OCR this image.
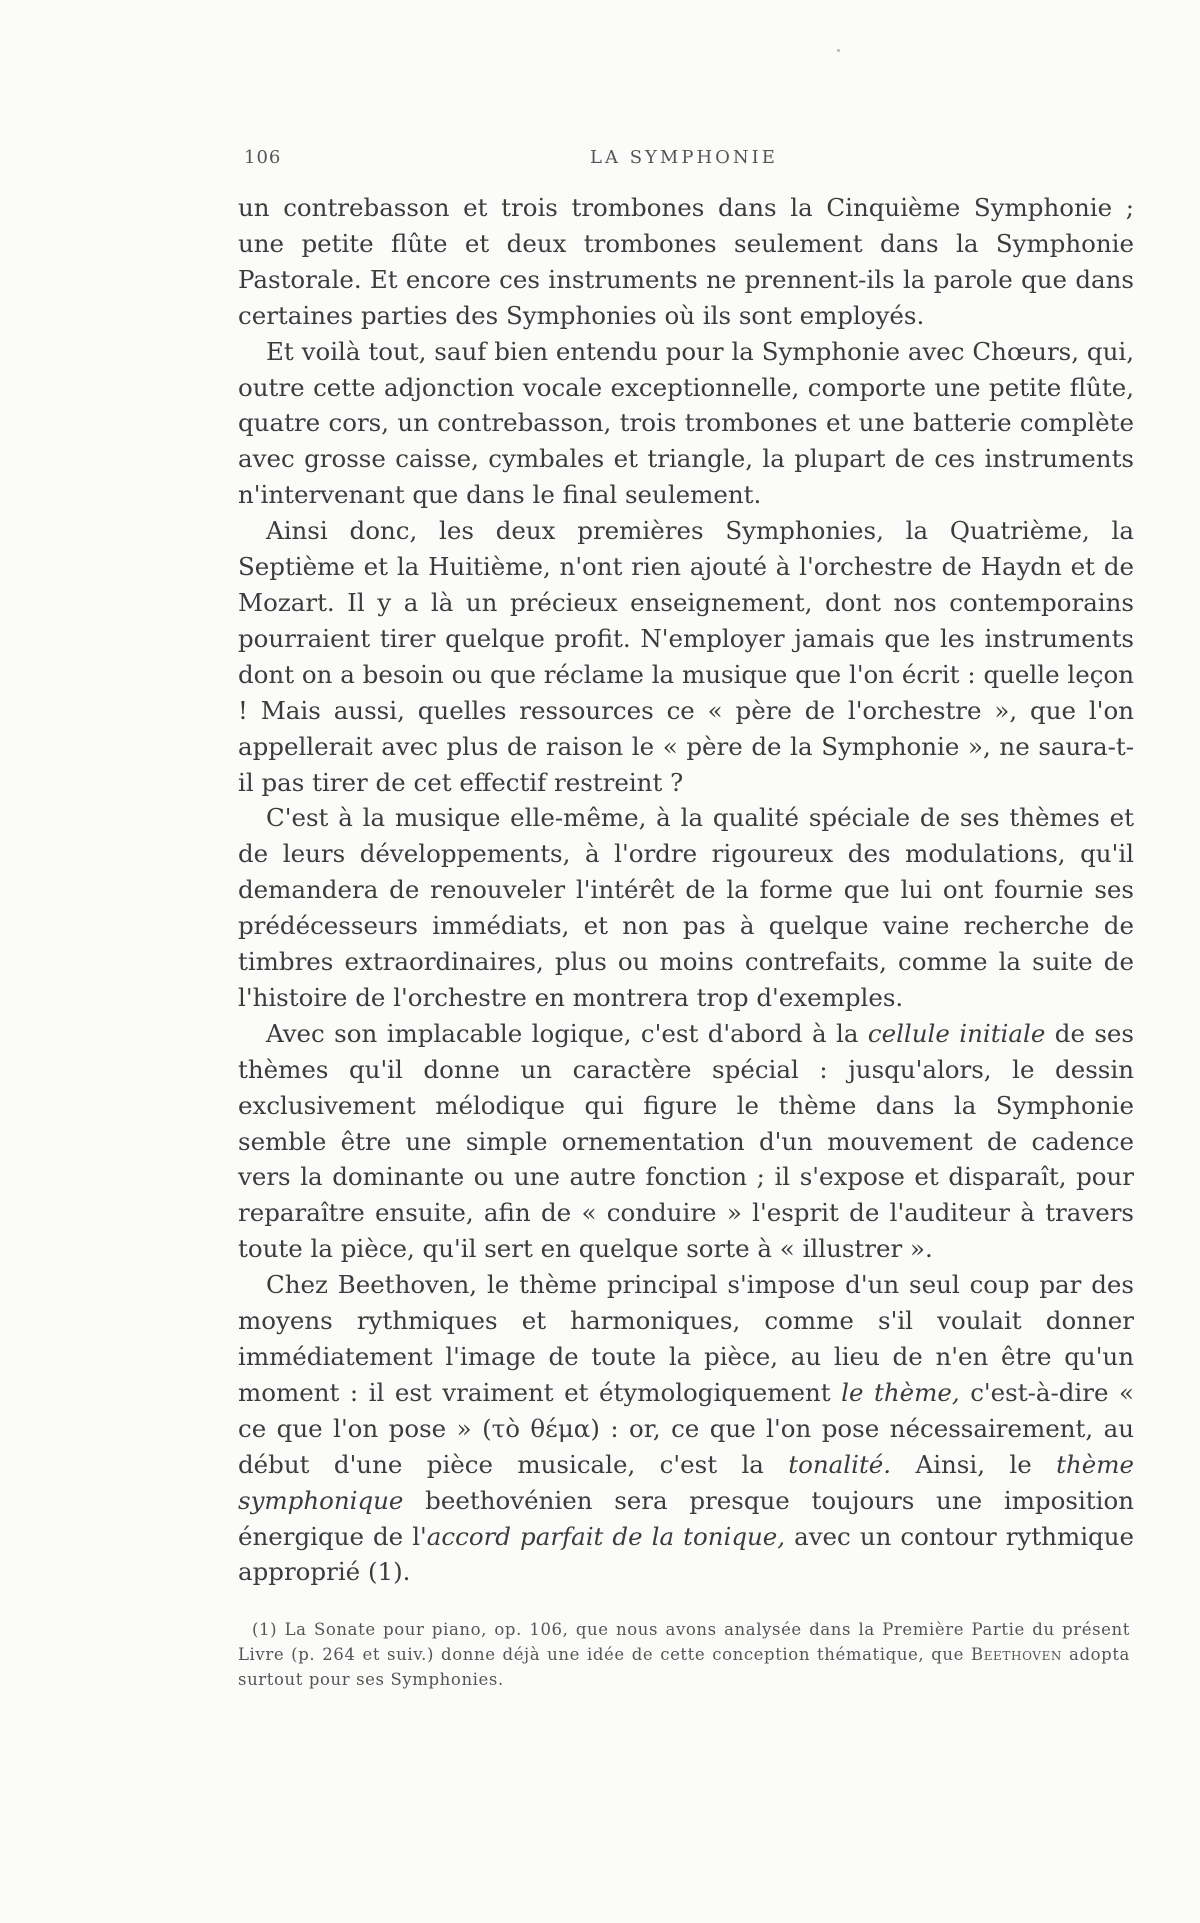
106	LA SYMPHONIE

un contrebasson et trois trombones dans la Cinquième Symphonie ; une petite flûte et deux trombones seulement dans la Symphonie Pastorale. Et encore ces instruments ne prennent-ils la parole que dans certaines parties des Symphonies où ils sont employés.

Et voilà tout, sauf bien entendu pour la Symphonie avec Chœurs, qui, outre cette adjonction vocale exceptionnelle, comporte une petite flûte, quatre cors, un contrebasson, trois trombones et une batterie complète avec grosse caisse, cymbales et triangle, la plupart de ces instruments n'intervenant que dans le final seulement.

Ainsi donc, les deux premières Symphonies, la Quatrième, la Septième et la Huitième, n'ont rien ajouté à l'orchestre de Haydn et de Mozart. Il y a là un précieux enseignement, dont nos contemporains pourraient tirer quelque profit. N'employer jamais que les instruments dont on a besoin ou que réclame la musique que l'on écrit : quelle leçon ! Mais aussi, quelles ressources ce « père de l'orchestre », que l'on appellerait avec plus de raison le « père de la Symphonie », ne saura-t-il pas tirer de cet effectif restreint ?

C'est à la musique elle-même, à la qualité spéciale de ses thèmes et de leurs développements, à l'ordre rigoureux des modulations, qu'il demandera de renouveler l'intérêt de la forme que lui ont fournie ses prédécesseurs immédiats, et non pas à quelque vaine recherche de timbres extraordinaires, plus ou moins contrefaits, comme la suite de l'histoire de l'orchestre en montrera trop d'exemples.

Avec son implacable logique, c'est d'abord à la cellule initiale de ses thèmes qu'il donne un caractère spécial : jusqu'alors, le dessin exclusivement mélodique qui figure le thème dans la Symphonie semble être une simple ornementation d'un mouvement de cadence vers la dominante ou une autre fonction ; il s'expose et disparaît, pour reparaître ensuite, afin de « conduire » l'esprit de l'auditeur à travers toute la pièce, qu'il sert en quelque sorte à « illustrer ».

Chez Beethoven, le thème principal s'impose d'un seul coup par des moyens rythmiques et harmoniques, comme s'il voulait donner immédiatement l'image de toute la pièce, au lieu de n'en être qu'un moment : il est vraiment et étymologiquement le thème, c'est-à-dire « ce que l'on pose » (τὸ θέμα) : or, ce que l'on pose nécessairement, au début d'une pièce musicale, c'est la tonalité. Ainsi, le thème symphonique beethovénien sera presque toujours une imposition énergique de l'accord parfait de la tonique, avec un contour rythmique approprié (1).

(1) La Sonate pour piano, op. 106, que nous avons analysée dans la Première Partie du présent Livre (p. 264 et suiv.) donne déjà une idée de cette conception thématique, que Beethoven adopta surtout pour ses Symphonies.
